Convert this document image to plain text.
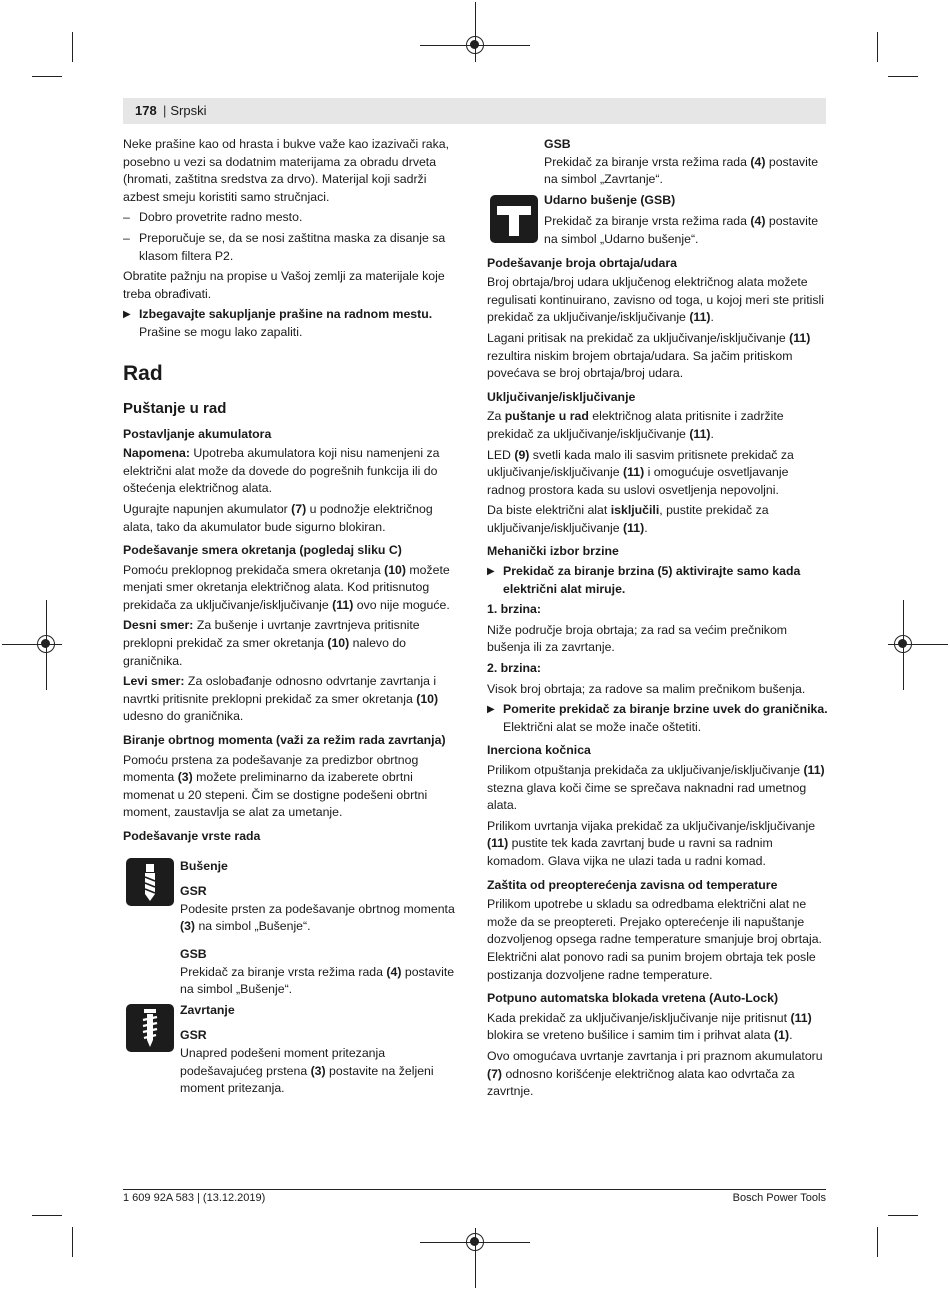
178
|	Srpski

Neke prašine kao od hrasta i bukve važe kao izazivači raka, posebno u vezi sa dodatnim materijama za obradu drveta (hromati, zaštitna sredstva za drvo). Materijal koji sadrži azbest smeju koristiti samo stručnjaci.

– Dobro provetrite radno mesto.
– Preporučuje se, da se nosi zaštitna maska za disanje sa klasom filtera P2.

Obratite pažnju na propise u Vašoj zemlji za materijale koje treba obrađivati.

▶ Izbegavajte sakupljanje prašine na radnom mestu.
Prašine se mogu lako zapaliti.
Rad
Puštanje u rad
Postavljanje akumulatora

Napomena: Upotreba akumulatora koji nisu namenjeni za električni alat može da dovede do pogrešnih funkcija ili do oštećenja električnog alata.

Ugurajte napunjen akumulator (7) u podnožje električnog alata, tako da akumulator bude sigurno blokiran.

Podešavanje smera okretanja (pogledaj sliku C)

Pomoću preklopnog prekidača smera okretanja (10) možete menjati smer okretanja električnog alata. Kod pritisnutog prekidača za uključivanje/isključivanje (11) ovo nije moguće.

Desni smer: Za bušenje i uvrtanje zavrtnjeva pritisnite preklopni prekidač za smer okretanja (10) nalevo do graničnika.

Levi smer: Za oslobađanje odnosno odvrtanje zavrtanja i navrtki pritisnite preklopni prekidač za smer okretanja (10) udesno do graničnika.

Biranje obrtnog momenta (važi za režim rada zavrtanja)

Pomoću prstena za podešavanje za predizbor obrtnog momenta (3) možete preliminarno da izaberete obrtni momenat u 20 stepeni. Čim se dostigne podešeni obrtni moment, zaustavlja se alat za umetanje.

Podešavanje vrste rada

Bušenje

GSR

Podesite prsten za podešavanje obrtnog momenta (3) na simbol „Bušenje“.

GSB

Prekidač za biranje vrsta režima rada (4) postavite na simbol „Bušenje“.

Zavrtanje

GSR

Unapred podešeni moment pritezanja podešavajućeg prstena (3) postavite na željeni moment pritezanja.

GSB

Prekidač za biranje vrsta režima rada (4) postavite na simbol „Zavrtanje“.

Udarno bušenje (GSB)

Prekidač za biranje vrsta režima rada (4) postavite na simbol „Udarno bušenje“.

Podešavanje broja obrtaja/udara

Broj obrtaja/broj udara uključenog električnog alata možete regulisati kontinuirano, zavisno od toga, u kojoj meri ste pritisli prekidač za uključivanje/isključivanje (11).

Lagani pritisak na prekidač za uključivanje/isključivanje (11) rezultira niskim brojem obrtaja/udara. Sa jačim pritiskom povećava se broj obrtaja/broj udara.

Uključivanje/isključivanje

Za puštanje u rad električnog alata pritisnite i zadržite prekidač za uključivanje/isključivanje (11).

LED (9) svetli kada malo ili sasvim pritisnete prekidač za uključivanje/isključivanje (11) i omogućuje osvetljavanje radnog prostora kada su uslovi osvetljenja nepovoljni.

Da biste električni alat isključili, pustite prekidač za uključivanje/isključivanje (11).

Mehanički izbor brzine
▶ Prekidač za biranje brzina (5) aktivirajte samo kada električni alat miruje.

1. brzina:

Niže područje broja obrtaja; za rad sa većim prečnikom bušenja ili za zavrtanje.

2. brzina:

Visok broj obrtaja; za radove sa malim prečnikom bušenja.

▶ Pomerite prekidač za biranje brzine uvek do graničnika. Električni alat se može inače oštetiti.
Inerciona kočnica

Prilikom otpuštanja prekidača za uključivanje/isključivanje (11) stezna glava koči čime se sprečava naknadni rad umetnog alata.

Prilikom uvrtanja vijaka prekidač za uključivanje/isključivanje (11) pustite tek kada zavrtanj bude u ravni sa radnim komadom. Glava vijka ne ulazi tada u radni komad.

Zaštita od preopterećenja zavisna od temperature

Prilikom upotrebe u skladu sa odredbama električni alat ne može da se preoptereti. Prejako opterećenje ili napuštanje dozvoljenog opsega radne temperature smanjuje broj obrtaja. Električni alat ponovo radi sa punim brojem obrtaja tek posle postizanja dozvoljene radne temperature.

Potpuno automatska blokada vretena (Auto-Lock)

Kada prekidač za uključivanje/isključivanje nije pritisnut (11) blokira se vreteno bušilice i samim tim i prihvat alata (1).

Ovo omogućava uvrtanje zavrtanja i pri praznom akumulatoru (7) odnosno korišćenje električnog alata kao odvrtača za zavrtnje.

1 609 92A 583 | (13.12.2019)	Bosch Power Tools
